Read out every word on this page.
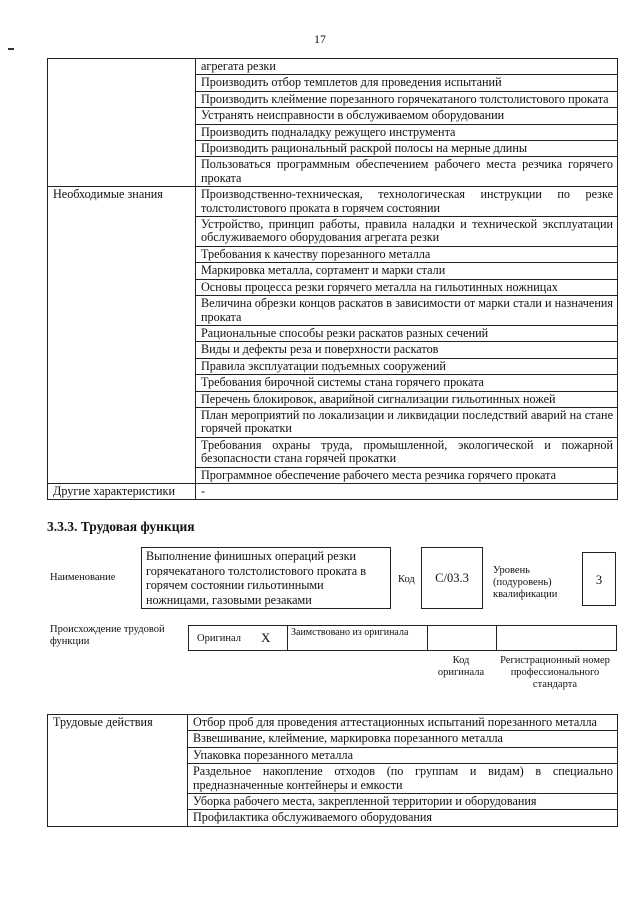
17
	агрегата резки
	Производить отбор темплетов для проведения испытаний
	Производить клеймение порезанного горячекатаного толстолистового проката
	Устранять неисправности в обслуживаемом оборудовании
	Производить подналадку режущего инструмента
	Производить рациональный раскрой полосы на мерные длины
	Пользоваться программным обеспечением рабочего места резчика горячего проката
Необходимые знания	Производственно-техническая, технологическая инструкции по резке толстолистового проката в горячем состоянии
	Устройство, принцип работы, правила наладки и технической эксплуатации обслуживаемого оборудования агрегата резки
	Требования к качеству порезанного металла
	Маркировка металла, сортамент и марки стали
	Основы процесса резки горячего металла на гильотинных ножницах
	Величина обрезки концов раскатов в зависимости от марки стали и назначения проката
	Рациональные способы резки раскатов разных сечений
	Виды и дефекты реза и поверхности раскатов
	Правила эксплуатации подъемных сооружений
	Требования бирочной системы стана горячего проката
	Перечень блокировок, аварийной сигнализации гильотинных ножей
	План мероприятий по локализации и ликвидации последствий аварий на стане горячей прокатки
	Требования охраны труда, промышленной, экологической и пожарной безопасности стана горячей прокатки
	Программное обеспечение рабочего места резчика горячего проката
Другие характеристики	-
3.3.3. Трудовая функция
Наименование
Выполнение финишных операций резки горячекатаного толстолистового проката в горячем состоянии гильотинными ножницами, газовыми резаками
Код	С/03.3
Уровень (подуровень) квалификации
3
Происхождение трудовой функции	Оригинал X	Заимствовано из оригинала
Код оригинала
Регистрационный номер профессионального стандарта
Трудовые действия	Отбор проб для проведения аттестационных испытаний порезанного металла
Взвешивание, клеймение, маркировка порезанного металла
Упаковка порезанного металла
Раздельное накопление отходов (по группам и видам) в специально предназначенные контейнеры и емкости
Уборка рабочего места, закрепленной территории и оборудования
Профилактика обслуживаемого оборудования
